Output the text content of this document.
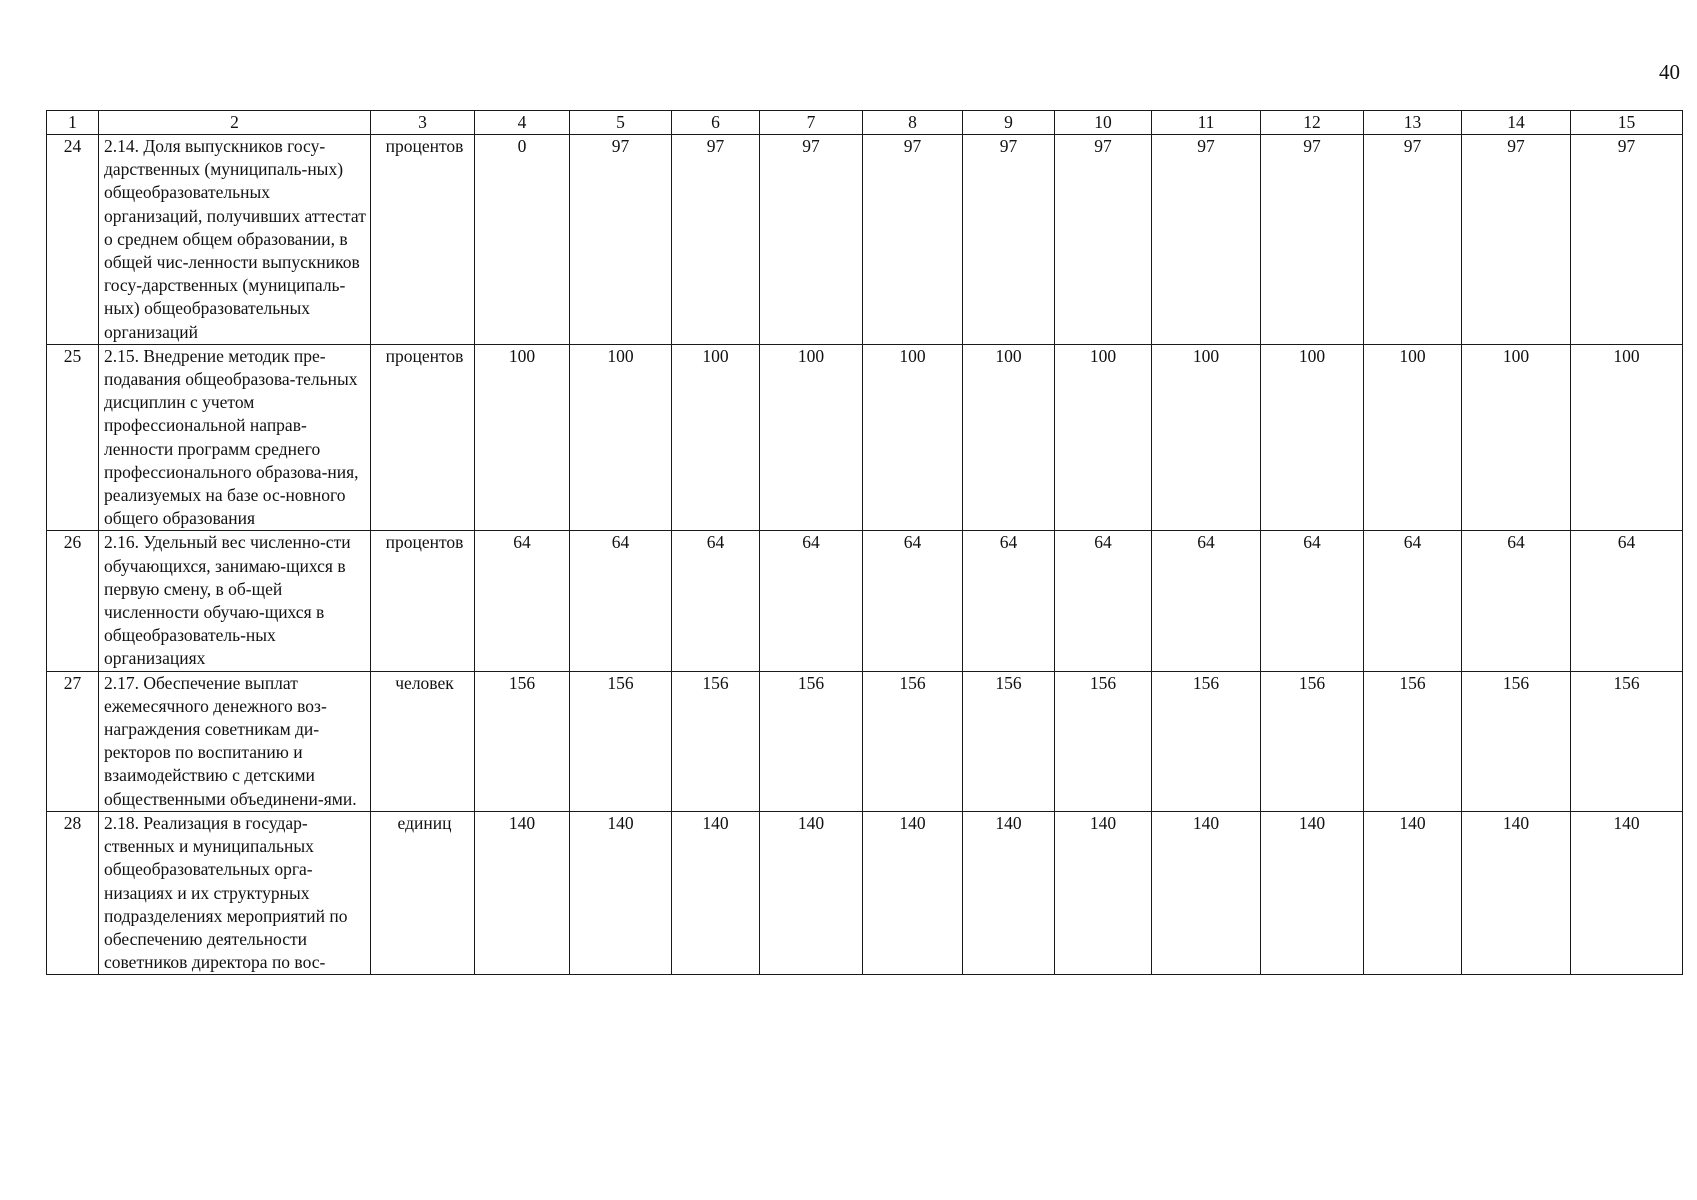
40
1	2	3	4	5	6	7	8	9	10	11	12	13	14	15
24	2.14. Доля выпускников госу-дарственных (муниципаль-ных) общеобразовательных организаций, получивших аттестат о среднем общем образовании, в общей чис-ленности выпускников госу-дарственных (муниципаль-ных) общеобразовательных организаций	процентов	0	97	97	97	97	97	97	97	97	97	97	97
25	2.15. Внедрение методик пре-подавания общеобразова-тельных дисциплин с учетом профессиональной направ-ленности программ среднего профессионального образова-ния, реализуемых на базе ос-новного общего образования	процентов	100	100	100	100	100	100	100	100	100	100	100	100
26	2.16. Удельный вес численно-сти обучающихся, занимаю-щихся в первую смену, в об-щей численности обучаю-щихся в общеобразователь-ных организациях	процентов	64	64	64	64	64	64	64	64	64	64	64	64
27	2.17. Обеспечение выплат ежемесячного денежного воз-награждения советникам ди-ректоров по воспитанию и взаимодействию с детскими общественными объединени-ями.	человек	156	156	156	156	156	156	156	156	156	156	156	156
28	2.18. Реализация в государ-ственных и муниципальных общеобразовательных орга-низациях и их структурных подразделениях мероприятий по обеспечению деятельности советников директора по вос-	единиц	140	140	140	140	140	140	140	140	140	140	140	140
